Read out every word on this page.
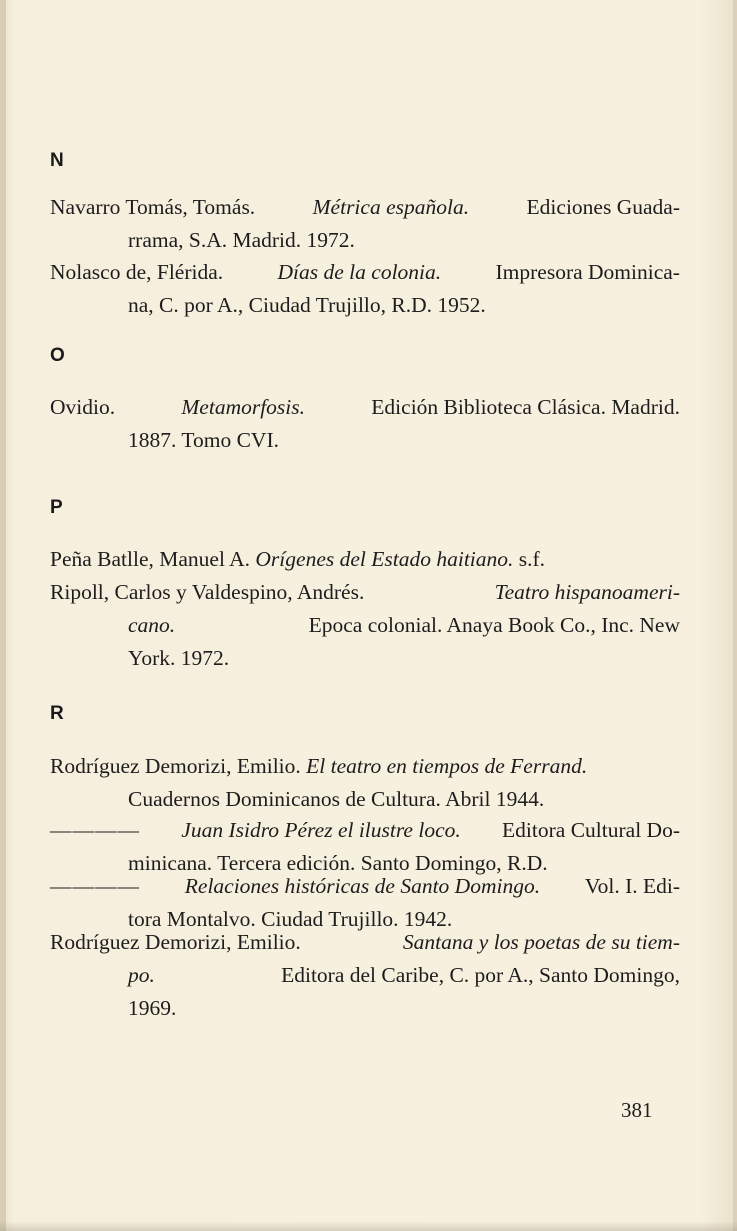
N
Navarro Tomás, Tomás.	Métrica española.	Ediciones Guada-
rrama, S.A. Madrid. 1972.
Nolasco de, Flérida.	Días de la colonia.	Impresora Dominica-
na, C. por A., Ciudad Trujillo, R.D. 1952.
O
Ovidio.	Metamorfosis.	Edición Biblioteca Clásica. Madrid.
1887. Tomo CVI.
P
Peña Batlle, Manuel A. Orígenes del Estado haitiano. s.f.
Ripoll, Carlos y Valdespino, Andrés.	Teatro hispanoameri-
cano.	Epoca colonial. Anaya Book Co., Inc. New
York. 1972.
R
Rodríguez Demorizi, Emilio. El teatro en tiempos de Ferrand.
Cuadernos Dominicanos de Cultura. Abril 1944.
———— Juan Isidro Pérez el ilustre loco. Editora Cultural Do-
minicana. Tercera edición. Santo Domingo, R.D.
———— Relaciones históricas de Santo Domingo. Vol. I. Edi-
tora Montalvo. Ciudad Trujillo. 1942.
Rodríguez Demorizi, Emilio.	Santana y los poetas de su tiem-
po.	Editora del Caribe, C. por A., Santo Domingo,
1969.
381
